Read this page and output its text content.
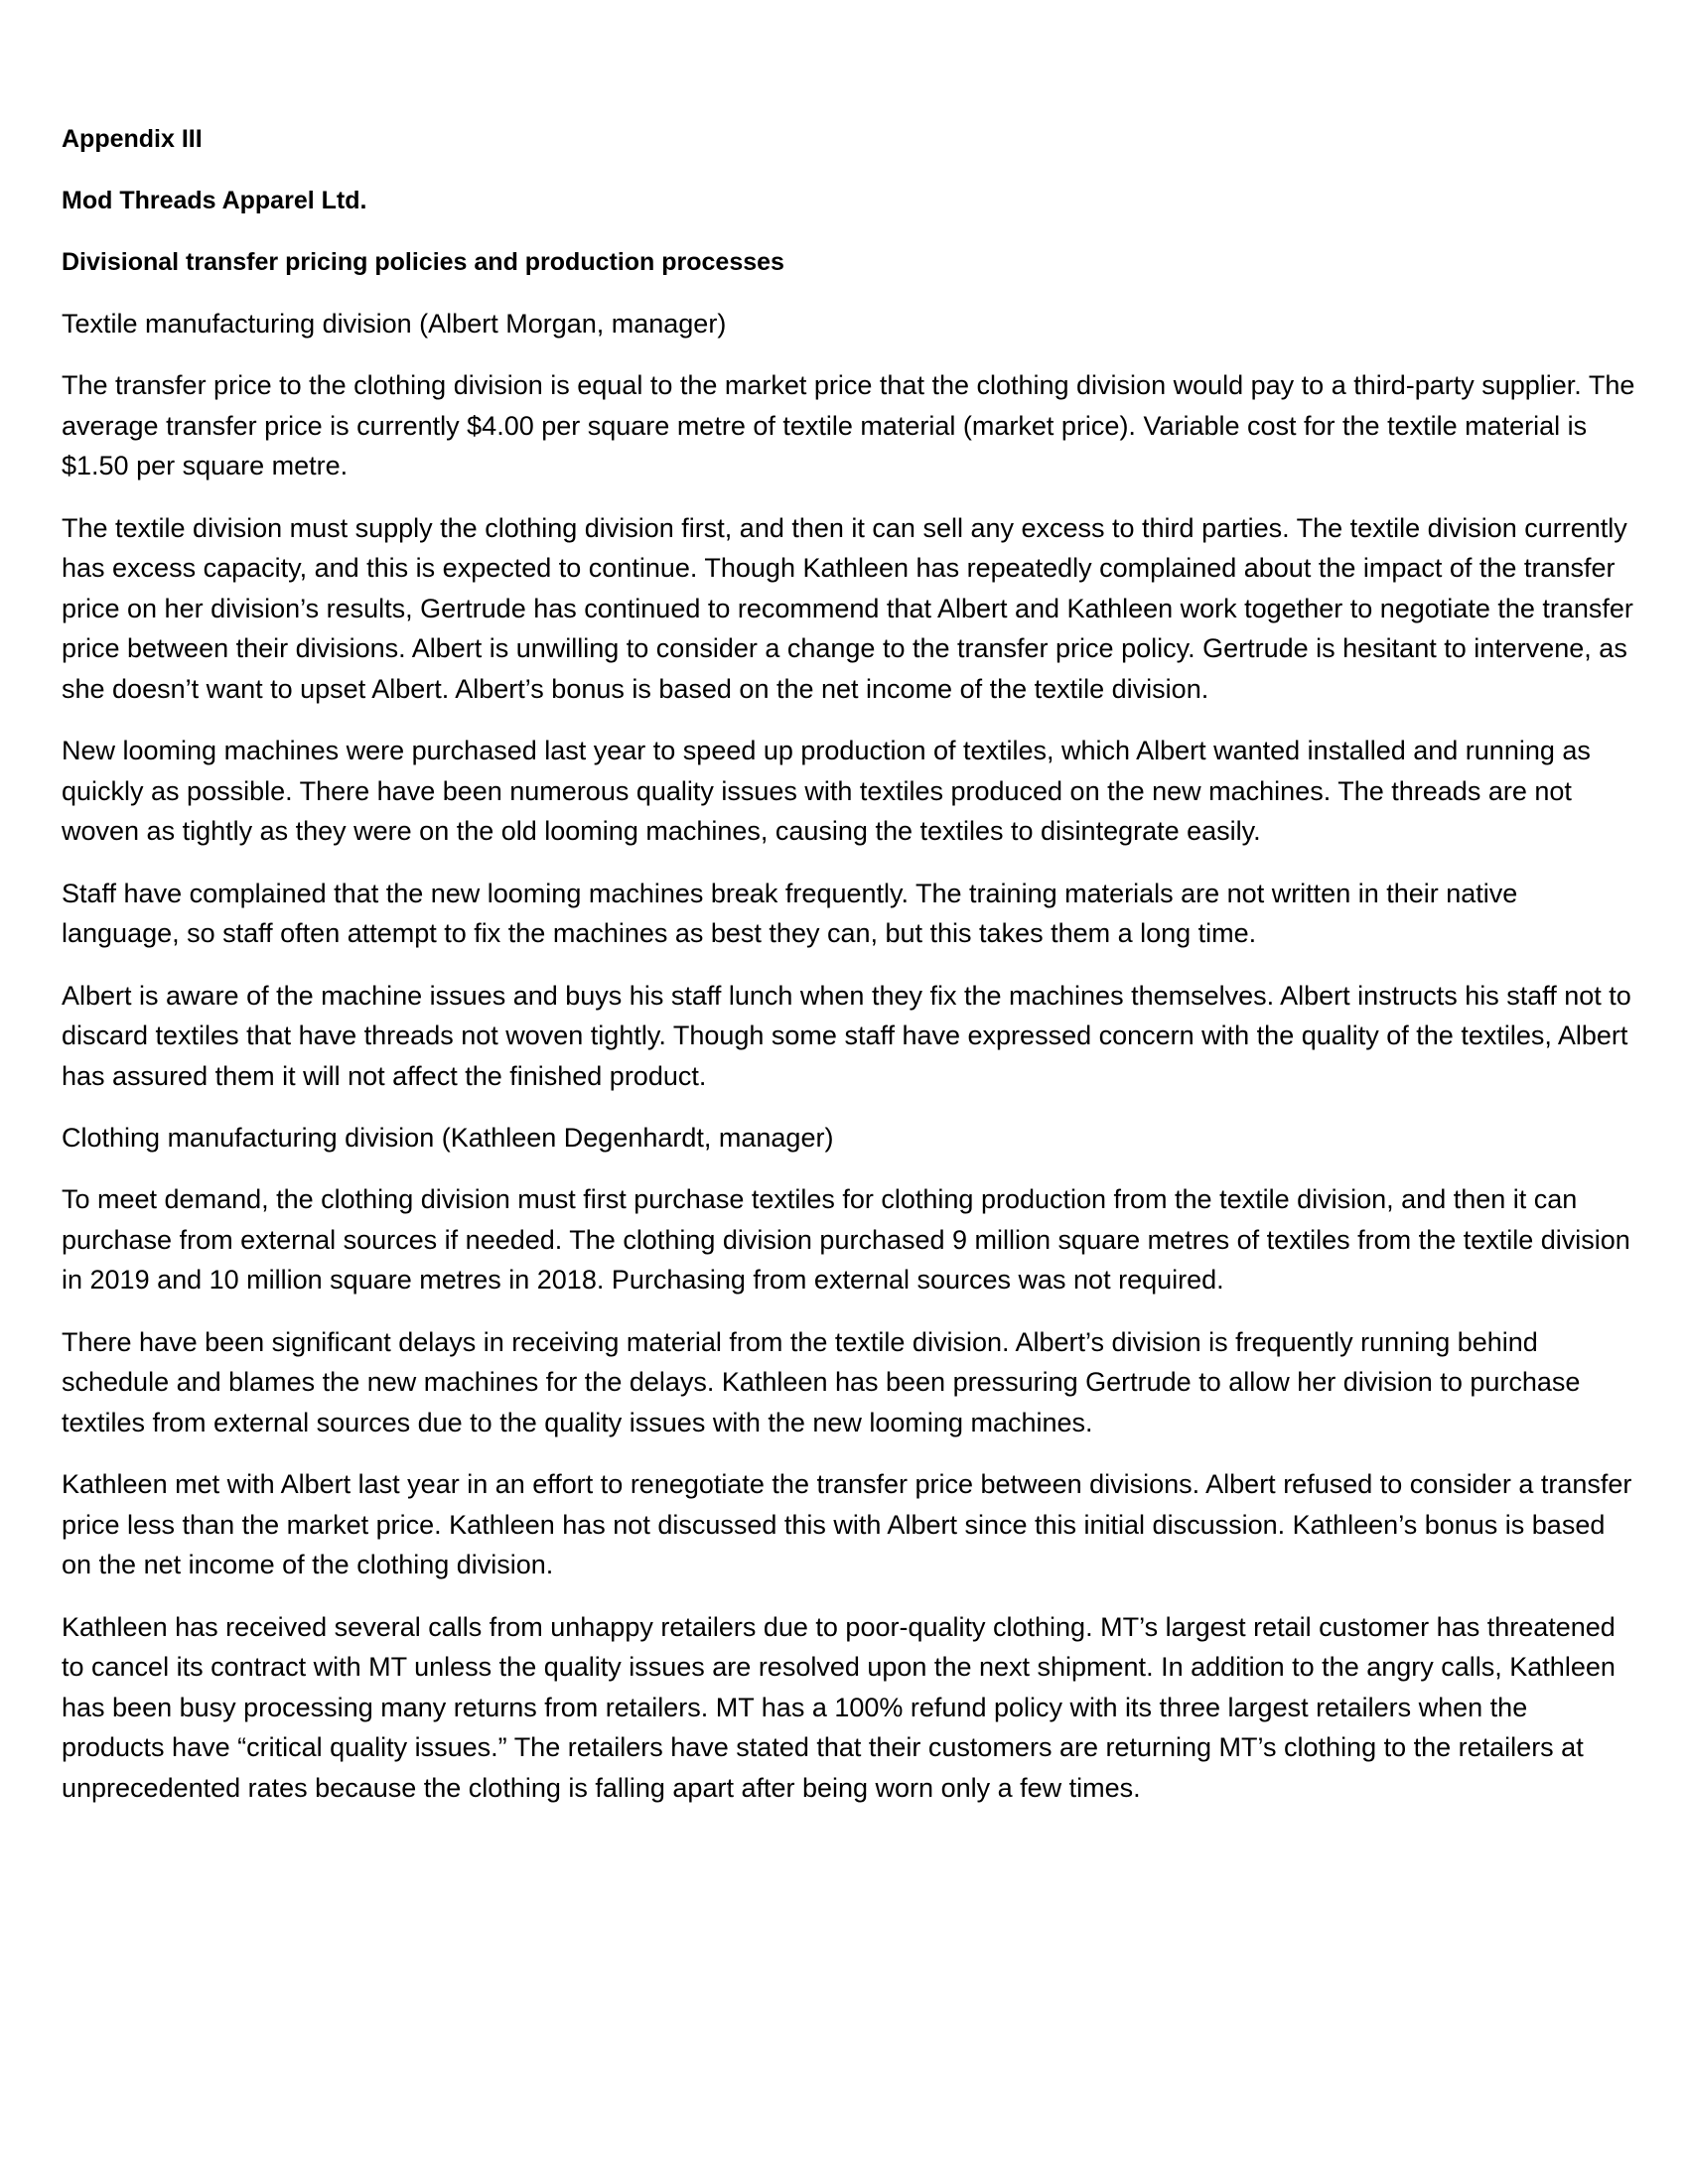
Appendix III
Mod Threads Apparel Ltd.
Divisional transfer pricing policies and production processes
Textile manufacturing division (Albert Morgan, manager)

The transfer price to the clothing division is equal to the market price that the clothing division would pay to a third-party supplier. The average transfer price is currently $4.00 per square metre of textile material (market price). Variable cost for the textile material is $1.50 per square metre.

The textile division must supply the clothing division first, and then it can sell any excess to third parties. The textile division currently has excess capacity, and this is expected to continue. Though Kathleen has repeatedly complained about the impact of the transfer price on her division’s results, Gertrude has continued to recommend that Albert and Kathleen work together to negotiate the transfer price between their divisions. Albert is unwilling to consider a change to the transfer price policy. Gertrude is hesitant to intervene, as she doesn’t want to upset Albert. Albert’s bonus is based on the net income of the textile division.

New looming machines were purchased last year to speed up production of textiles, which Albert wanted installed and running as quickly as possible. There have been numerous quality issues with textiles produced on the new machines. The threads are not woven as tightly as they were on the old looming machines, causing the textiles to disintegrate easily.

Staff have complained that the new looming machines break frequently. The training materials are not written in their native language, so staff often attempt to fix the machines as best they can, but this takes them a long time.

Albert is aware of the machine issues and buys his staff lunch when they fix the machines themselves. Albert instructs his staff not to discard textiles that have threads not woven tightly. Though some staff have expressed concern with the quality of the textiles, Albert has assured them it will not affect the finished product.

Clothing manufacturing division (Kathleen Degenhardt, manager)

To meet demand, the clothing division must first purchase textiles for clothing production from the textile division, and then it can purchase from external sources if needed. The clothing division purchased 9 million square metres of textiles from the textile division in 2019 and 10 million square metres in 2018. Purchasing from external sources was not required.

There have been significant delays in receiving material from the textile division. Albert’s division is frequently running behind schedule and blames the new machines for the delays. Kathleen has been pressuring Gertrude to allow her division to purchase textiles from external sources due to the quality issues with the new looming machines.

Kathleen met with Albert last year in an effort to renegotiate the transfer price between divisions. Albert refused to consider a transfer price less than the market price. Kathleen has not discussed this with Albert since this initial discussion. Kathleen’s bonus is based on the net income of the clothing division.

Kathleen has received several calls from unhappy retailers due to poor-quality clothing. MT’s largest retail customer has threatened to cancel its contract with MT unless the quality issues are resolved upon the next shipment. In addition to the angry calls, Kathleen has been busy processing many returns from retailers. MT has a 100% refund policy with its three largest retailers when the products have “critical quality issues.” The retailers have stated that their customers are returning MT’s clothing to the retailers at unprecedented rates because the clothing is falling apart after being worn only a few times.
